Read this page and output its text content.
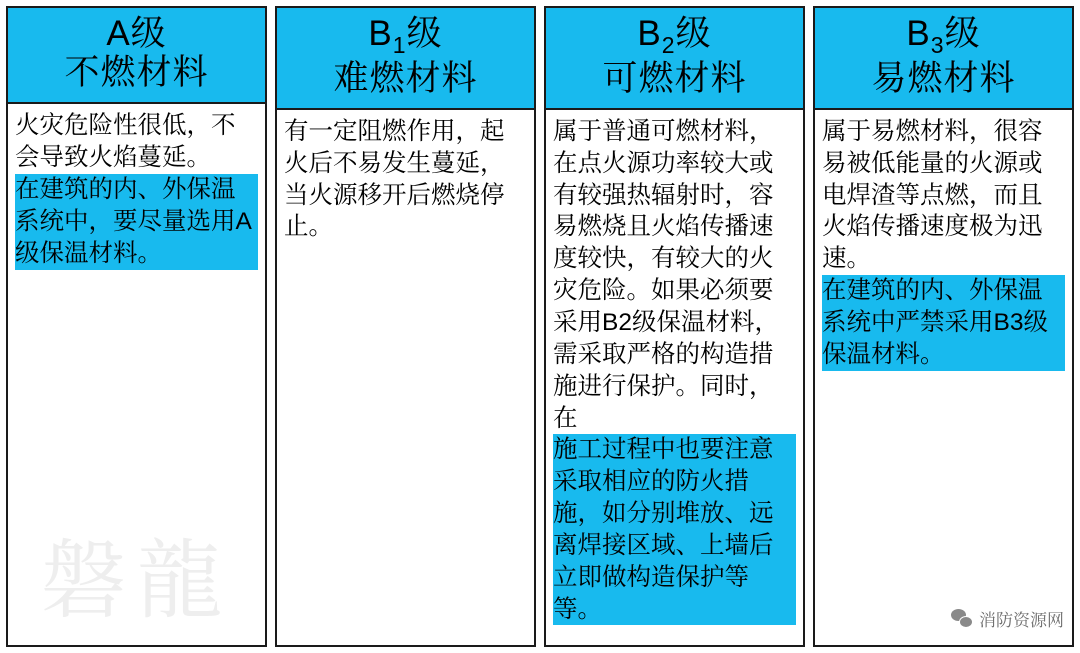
A级
不燃材料
火灾危险性很低，不会导致火焰蔓延。
在建筑的内、外保温系统中，要尽量选用A级保温材料。
磐龍
$B_1$级
难燃材料
有一定阻燃作用，起火后不易发生蔓延，当火源移开后燃烧停止。
$B_2$级
可燃材料
属于普通可燃材料，在点火源功率较大或有较强热辐射时，容易燃烧且火焰传播速度较快，有较大的火灾危险。如果必须要采用B2级保温材料，需采取严格的构造措施进行保护。同时，在
施工过程中也要注意采取相应的防火措施，如分别堆放、远离焊接区域、上墙后立即做构造保护等等。
$B_3$级
易燃材料
属于易燃材料，很容易被低能量的火源或电焊渣等点燃，而且火焰传播速度极为迅速。
在建筑的内、外保温系统中严禁采用B3级保温材料。
消防资源网
